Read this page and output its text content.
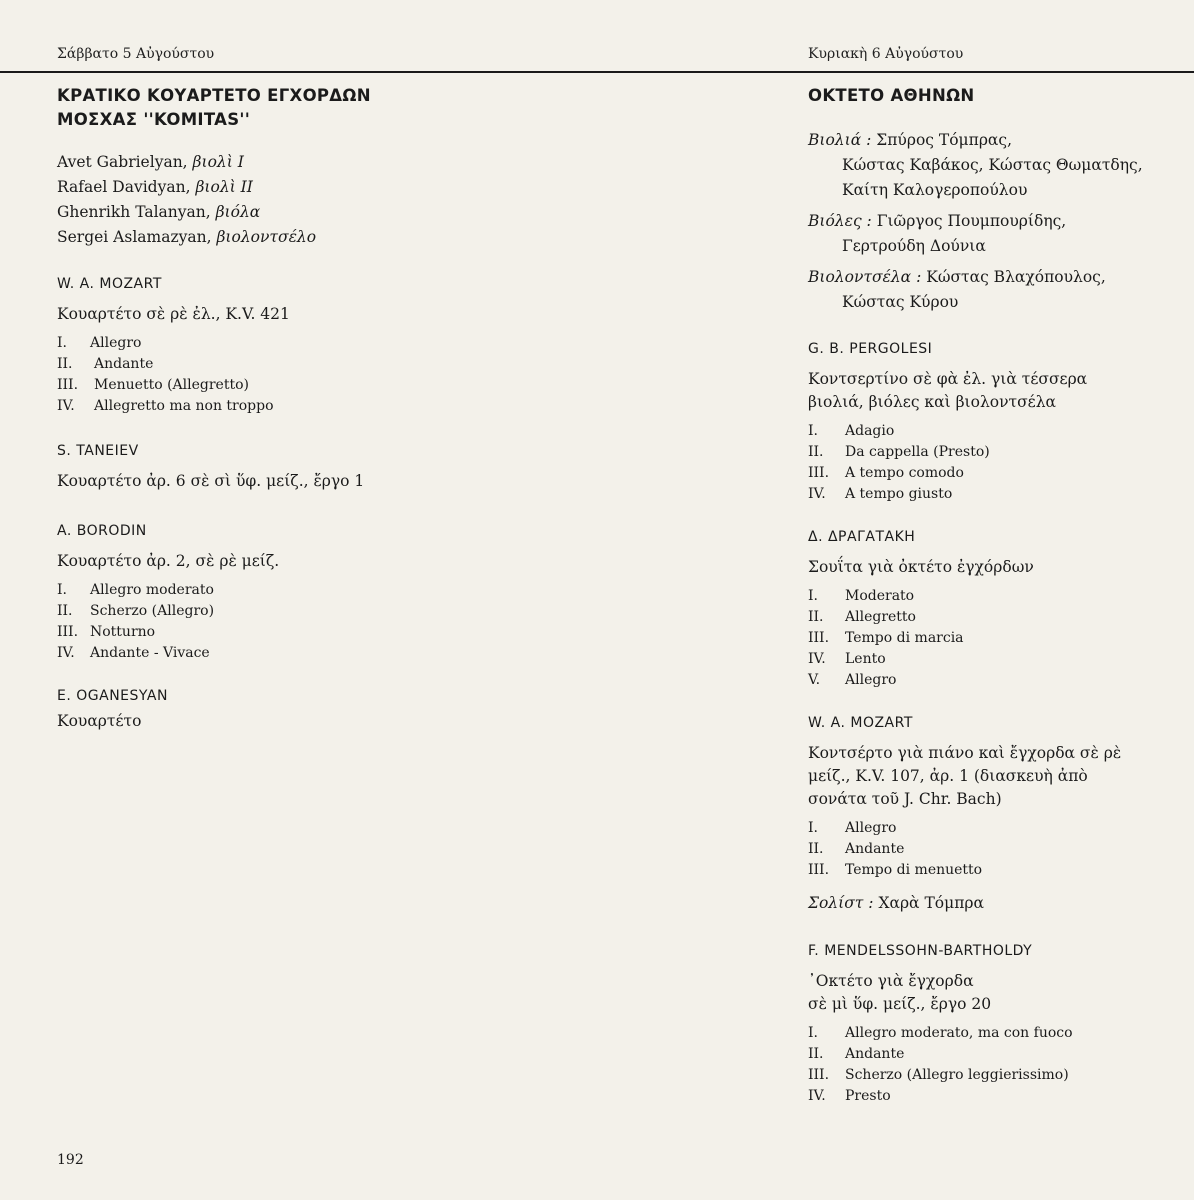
Σάββατο 5 Αὐγούστου	Κυριακὴ 6 Αὐγούστου
ΚΡΑΤΙΚΟ ΚΟΥΑΡΤΕΤΟ ΕΓΧΟΡΔΩΝ
ΜΟΣΧΑΣ ''KOMITAS''
Avet Gabrielyan, βιολὶ I
Rafael Davidyan, βιολὶ II
Ghenrikh Talanyan, βιόλα
Sergei Aslamazyan, βιολοντσέλο
W. A. MOZART
Κουαρτέτο σὲ ρὲ ἐλ., K.V. 421
I.	Allegro
II.	Andante
III.	Menuetto (Allegretto)
IV.	Allegretto ma non troppo
S. TANEIEV
Κουαρτέτο ἀρ. 6 σὲ σὶ ὕφ. μείζ., ἔργο 1
A. BORODIN
Κουαρτέτο ἀρ. 2, σὲ ρὲ μείζ.
I.	Allegro moderato
II.	Scherzo (Allegro)
III. Notturno
IV.	Andante - Vivace
E. OGANESYAN
Κουαρτέτο
ΟΚΤΕΤΟ ΑΘΗΝΩΝ
Βιολιά : Σπύρος Τόμπρας,
Κώστας Καβάκος, Κώστας Θωματδης,
Καίτη Καλογεροπούλου
Βιόλες : Γιῶργος Πουμπουρίδης,
Γερτρούδη Δούνια
Βιολοντσέλα : Κώστας Βλαχόπουλος,
Κώστας Κύρου
G. B. PERGOLESI
Κοντσερτίνο σὲ φὰ ἐλ. γιὰ τέσσερα
βιολιά, βιόλες καὶ βιολοντσέλα
I.	Adagio
II.	Da cappella (Presto)
III.	A tempo comodo
IV.	A tempo giusto
Δ. ΔΡΑΓΑΤΑΚΗ
Σουΐτα γιὰ ὀκτέτο ἐγχόρδων
I.	Moderato
II.	Allegretto
III.	Tempo di marcia
IV.	Lento
V.	Allegro
W. A. MOZART
Κοντσέρτο γιὰ πιάνο καὶ ἔγχορδα σὲ ρὲ
μείζ., K.V. 107, ἀρ. 1 (διασκευὴ ἀπὸ
σονάτα τοῦ J. Chr. Bach)
I.	Allegro
II.	Andante
III.	Tempo di menuetto
Σολίστ : Χαρὰ Τόμπρα
F. MENDELSSOHN-BARTHOLDY
᾿Οκτέτο γιὰ ἔγχορδα
σὲ μὶ ὕφ. μείζ., ἔργο 20
I.	Allegro moderato, ma con fuoco
II.	Andante
III.	Scherzo (Allegro leggierissimo)
IV.	Presto
192
